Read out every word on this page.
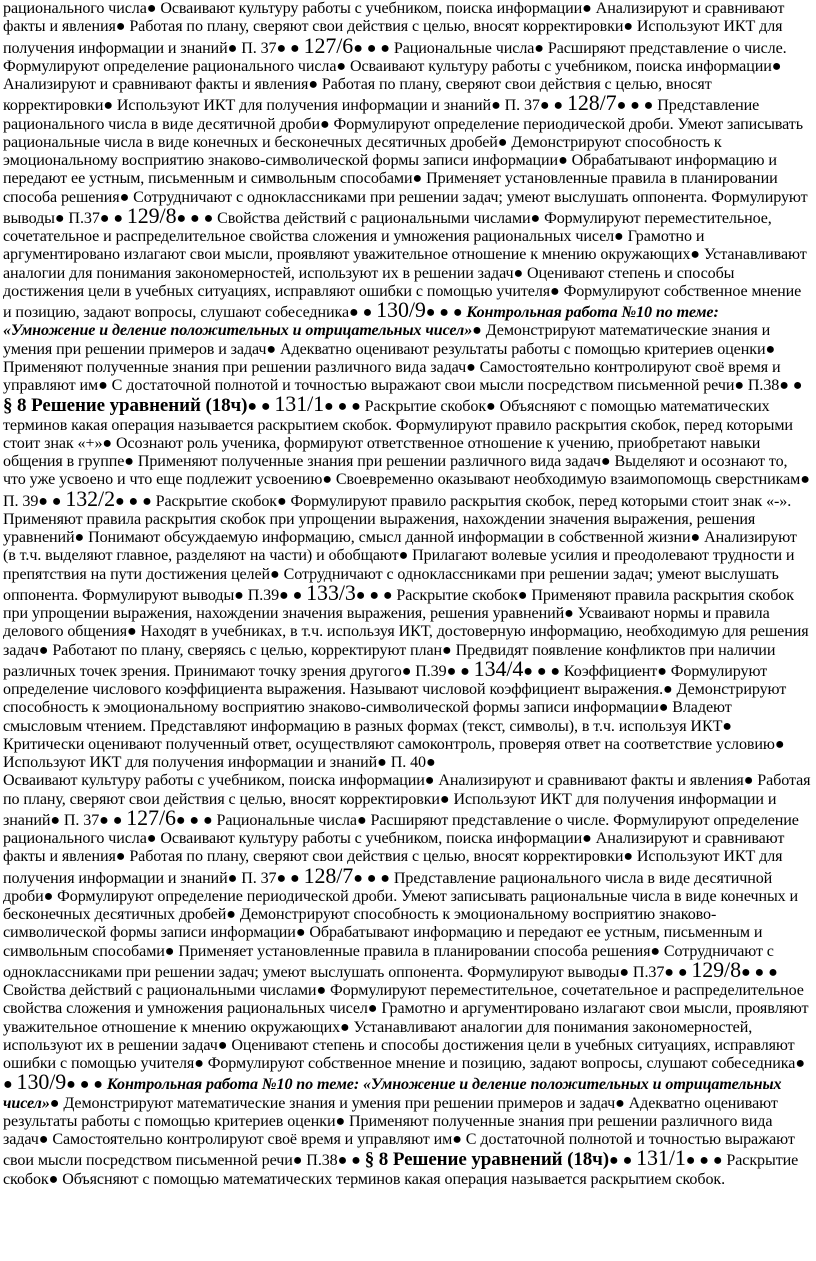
рационального числа● Осваивают культуру работы с учебником, поиска информации● Анализируют и сравнивают факты и явления● Работая по плану, сверяют свои действия с целью, вносят корректировки● Используют ИКТ для получения информации и знаний● П. 37● ● 127/6● ● ● Рациональные числа● Расширяют представление о числе. Формулируют определение рационального числа● Осваивают культуру работы с учебником, поиска информации● Анализируют и сравнивают факты и явления● Работая по плану, сверяют свои действия с целью, вносят корректировки● Используют ИКТ для получения информации и знаний● П. 37● ● 128/7● ● ● Представление рационального числа в виде десятичной дроби● Формулируют определение периодической дроби. Умеют записывать рациональные числа в виде конечных и бесконечных десятичных дробей● Демонстрируют способность к эмоциональному восприятию знаково-символической формы записи информации● Обрабатывают информацию и передают ее устным, письменным и символьным способами● Применяет установленные правила в планировании способа решения● Сотрудничают с одноклассниками при решении задач; умеют выслушать оппонента. Формулируют выводы● П.37● ● 129/8● ● ● Свойства действий с рациональными числами● Формулируют переместительное, сочетательное и распределительное свойства сложения и умножения рациональных чисел● Грамотно и аргументировано излагают свои мысли, проявляют уважительное отношение к мнению окружающих● Устанавливают аналогии для понимания закономерностей, используют их в решении задач● Оценивают степень и способы достижения цели в учебных ситуациях, исправляют ошибки с помощью учителя● Формулируют собственное мнение и позицию, задают вопросы, слушают собеседника● ● 130/9● ● ● Контрольная работа №10 по теме: «Умножение и деление положительных и отрицательных чисел»● Демонстрируют математические знания и умения при решении примеров и задач● Адекватно оценивают результаты работы с помощью критериев оценки● Применяют полученные знания при решении различного вида задач● Самостоятельно контролируют своё время и управляют им● С достаточной полнотой и точностью выражают свои мысли посредством письменной речи● П.38● ● § 8 Решение уравнений (18ч)● ● 131/1● ● ● Раскрытие скобок● Объясняют с помощью математических терминов какая операция называется раскрытием скобок. Формулируют правило раскрытия скобок, перед которыми стоит знак «+»● Осознают роль ученика, формируют ответственное отношение к учению, приобретают навыки общения в группе● Применяют полученные знания при решении различного вида задач● Выделяют и осознают то, что уже усвоено и что еще подлежит усвоению● Своевременно оказывают необходимую взаимопомощь сверстникам● П. 39● ● 132/2● ● ● Раскрытие скобок● Формулируют правило раскрытия скобок, перед которыми стоит знак «-». Применяют правила раскрытия скобок при упрощении выражения, нахождении значения выражения, решения уравнений● Понимают обсуждаемую информацию, смысл данной информации в собственной жизни● Анализируют (в т.ч. выделяют главное, разделяют на части) и обобщают● Прилагают волевые усилия и преодолевают трудности и препятствия на пути достижения целей● Сотрудничают с одноклассниками при решении задач; умеют выслушать оппонента. Формулируют выводы● П.39● ● 133/3● ● ● Раскрытие скобок● Применяют правила раскрытия скобок при упрощении выражения, нахождении значения выражения, решения уравнений● Усваивают нормы и правила делового общения● Находят в учебниках, в т.ч. используя ИКТ, достоверную информацию, необходимую для решения задач● Работают по плану, сверяясь с целью, корректируют план● Предвидят появление конфликтов при наличии различных точек зрения. Принимают точку зрения другого● П.39● ● 134/4● ● ● Коэффициент● Формулируют определение числового коэффициента выражения. Называют числовой коэффициент выражения.● Демонстрируют способность к эмоциональному восприятию знаково-символической формы записи информации● Владеют смысловым чтением. Представляют информацию в разных формах (текст, символы), в т.ч. используя ИКТ● Критически оценивают полученный ответ, осуществляют самоконтроль, проверяя ответ на соответствие условию● Используют ИКТ для получения информации и знаний● П. 40●

Осваивают культуру работы с учебником, поиска информации● Анализируют и сравнивают факты и явления● Работая по плану, сверяют свои действия с целью, вносят корректировки● Используют ИКТ для получения информации и знаний● П. 37● ● 127/6● ● ● Рациональные числа● Расширяют представление о числе. Формулируют определение рационального числа● Осваивают культуру работы с учебником, поиска информации● Анализируют и сравнивают факты и явления● Работая по плану, сверяют свои действия с целью, вносят корректировки● Используют ИКТ для получения информации и знаний● П. 37● ● 128/7● ● ● Представление рационального числа в виде десятичной дроби● Формулируют определение периодической дроби. Умеют записывать рациональные числа в виде конечных и бесконечных десятичных дробей● Демонстрируют способность к эмоциональному восприятию знаково-символической формы записи информации● Обрабатывают информацию и передают ее устным, письменным и символьным способами● Применяет установленные правила в планировании способа решения● Сотрудничают с одноклассниками при решении задач; умеют выслушать оппонента. Формулируют выводы● П.37● ● 129/8● ● ● Свойства действий с рациональными числами● Формулируют переместительное, сочетательное и распределительное свойства сложения и умножения рациональных чисел● Грамотно и аргументировано излагают свои мысли, проявляют уважительное отношение к мнению окружающих● Устанавливают аналогии для понимания закономерностей, используют их в решении задач● Оценивают степень и способы достижения цели в учебных ситуациях, исправляют ошибки с помощью учителя● Формулируют собственное мнение и позицию, задают вопросы, слушают собеседника● ● 130/9● ● ● Контрольная работа №10 по теме: «Умножение и деление положительных и отрицательных чисел»● Демонстрируют математические знания и умения при решении примеров и задач● Адекватно оценивают результаты работы с помощью критериев оценки● Применяют полученные знания при решении различного вида задач● Самостоятельно контролируют своё время и управляют им● С достаточной полнотой и точностью выражают свои мысли посредством письменной речи● П.38● ● § 8 Решение уравнений (18ч)● ● 131/1● ● ● Раскрытие скобок● Объясняют с помощью математических терминов какая операция называется раскрытием скобок.
